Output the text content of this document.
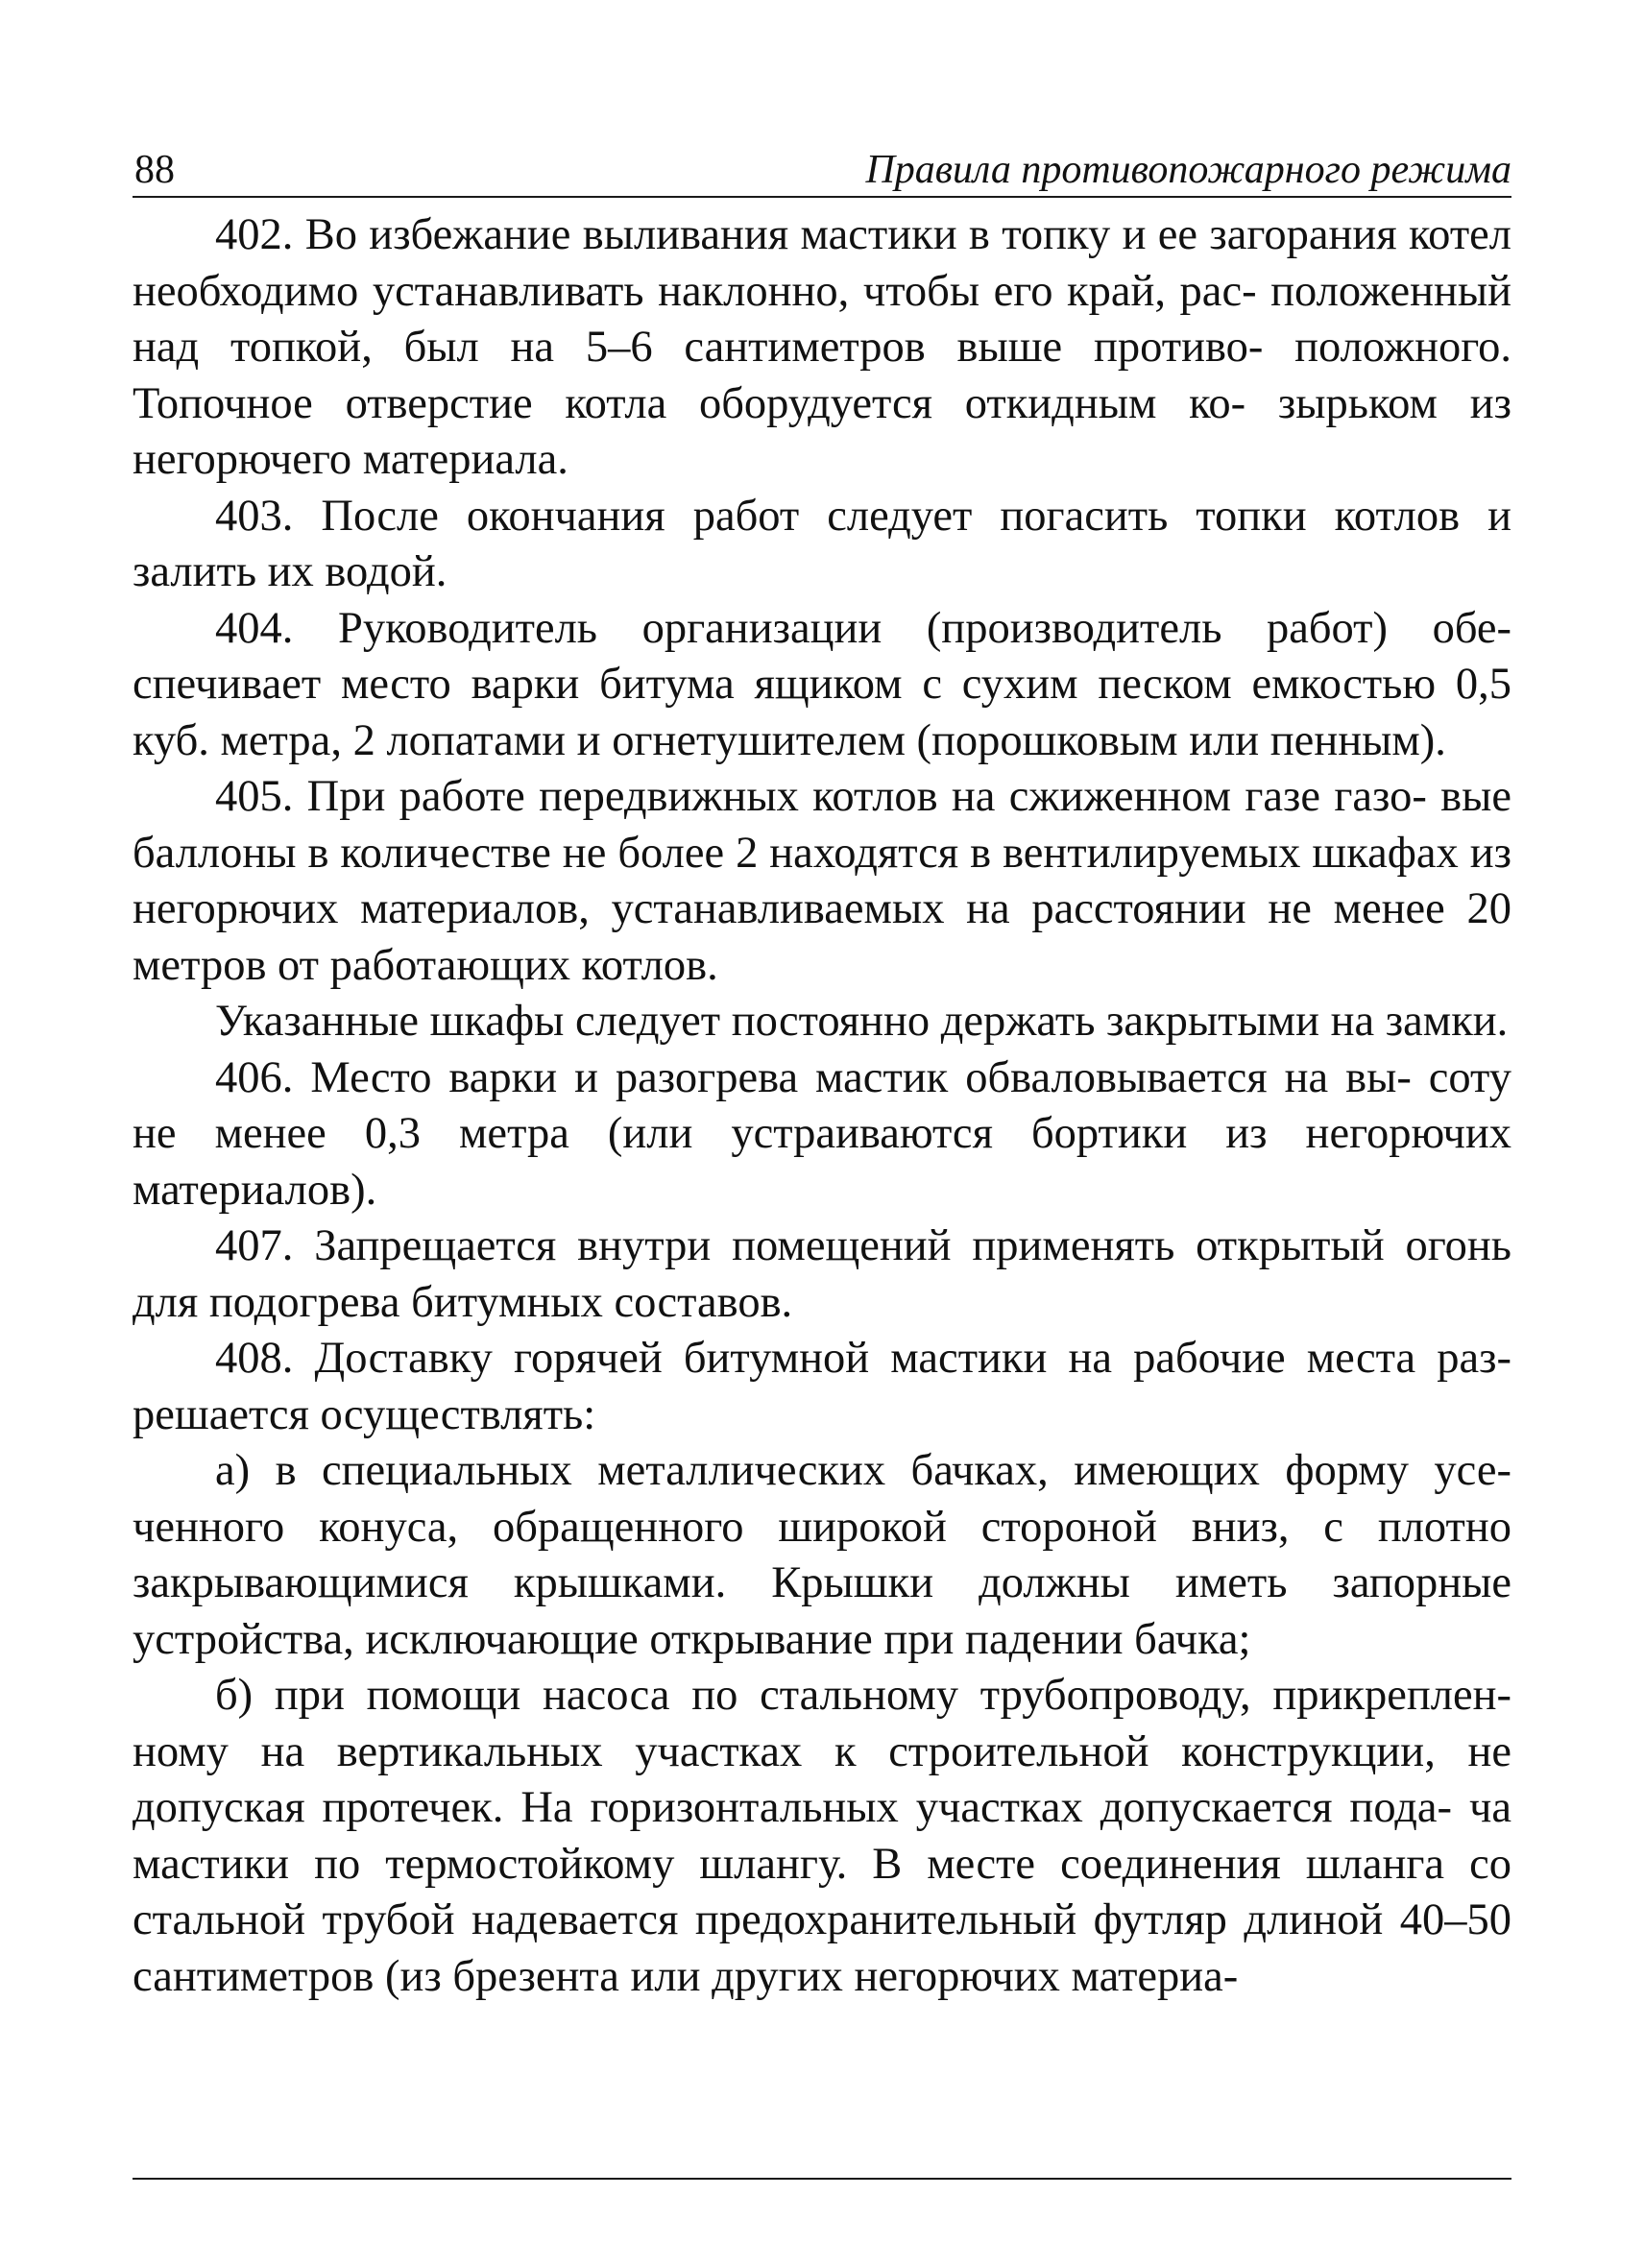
88	Правила противопожарного режима

402. Во избежание выливания мастики в топку и ее загорания котел необходимо устанавливать наклонно, чтобы его край, рас- положенный над топкой, был на 5–6 сантиметров выше противо- положного. Топочное отверстие котла оборудуется откидным ко- зырьком из негорючего материала.

403. После окончания работ следует погасить топки котлов и залить их водой.

404. Руководитель организации (производитель работ) обе- спечивает место варки битума ящиком с сухим песком емкостью 0,5 куб. метра, 2 лопатами и огнетушителем (порошковым или пенным).

405. При работе передвижных котлов на сжиженном газе газо- вые баллоны в количестве не более 2 находятся в вентилируемых шкафах из негорючих материалов, устанавливаемых на расстоянии не менее 20 метров от работающих котлов.

Указанные шкафы следует постоянно держать закрытыми на замки.

406. Место варки и разогрева мастик обваловывается на вы- соту не менее 0,3 метра (или устраиваются бортики из негорючих материалов).

407. Запрещается внутри помещений применять открытый огонь для подогрева битумных составов.

408. Доставку горячей битумной мастики на рабочие места раз- решается осуществлять:

а) в специальных металлических бачках, имеющих форму усе- ченного конуса, обращенного широкой стороной вниз, с плотно закрывающимися крышками. Крышки должны иметь запорные устройства, исключающие открывание при падении бачка;

б) при помощи насоса по стальному трубопроводу, прикреплен- ному на вертикальных участках к строительной конструкции, не допуская протечек. На горизонтальных участках допускается пода- ча мастики по термостойкому шлангу. В месте соединения шланга со стальной трубой надевается предохранительный футляр длиной 40–50 сантиметров (из брезента или других негорючих материа-
